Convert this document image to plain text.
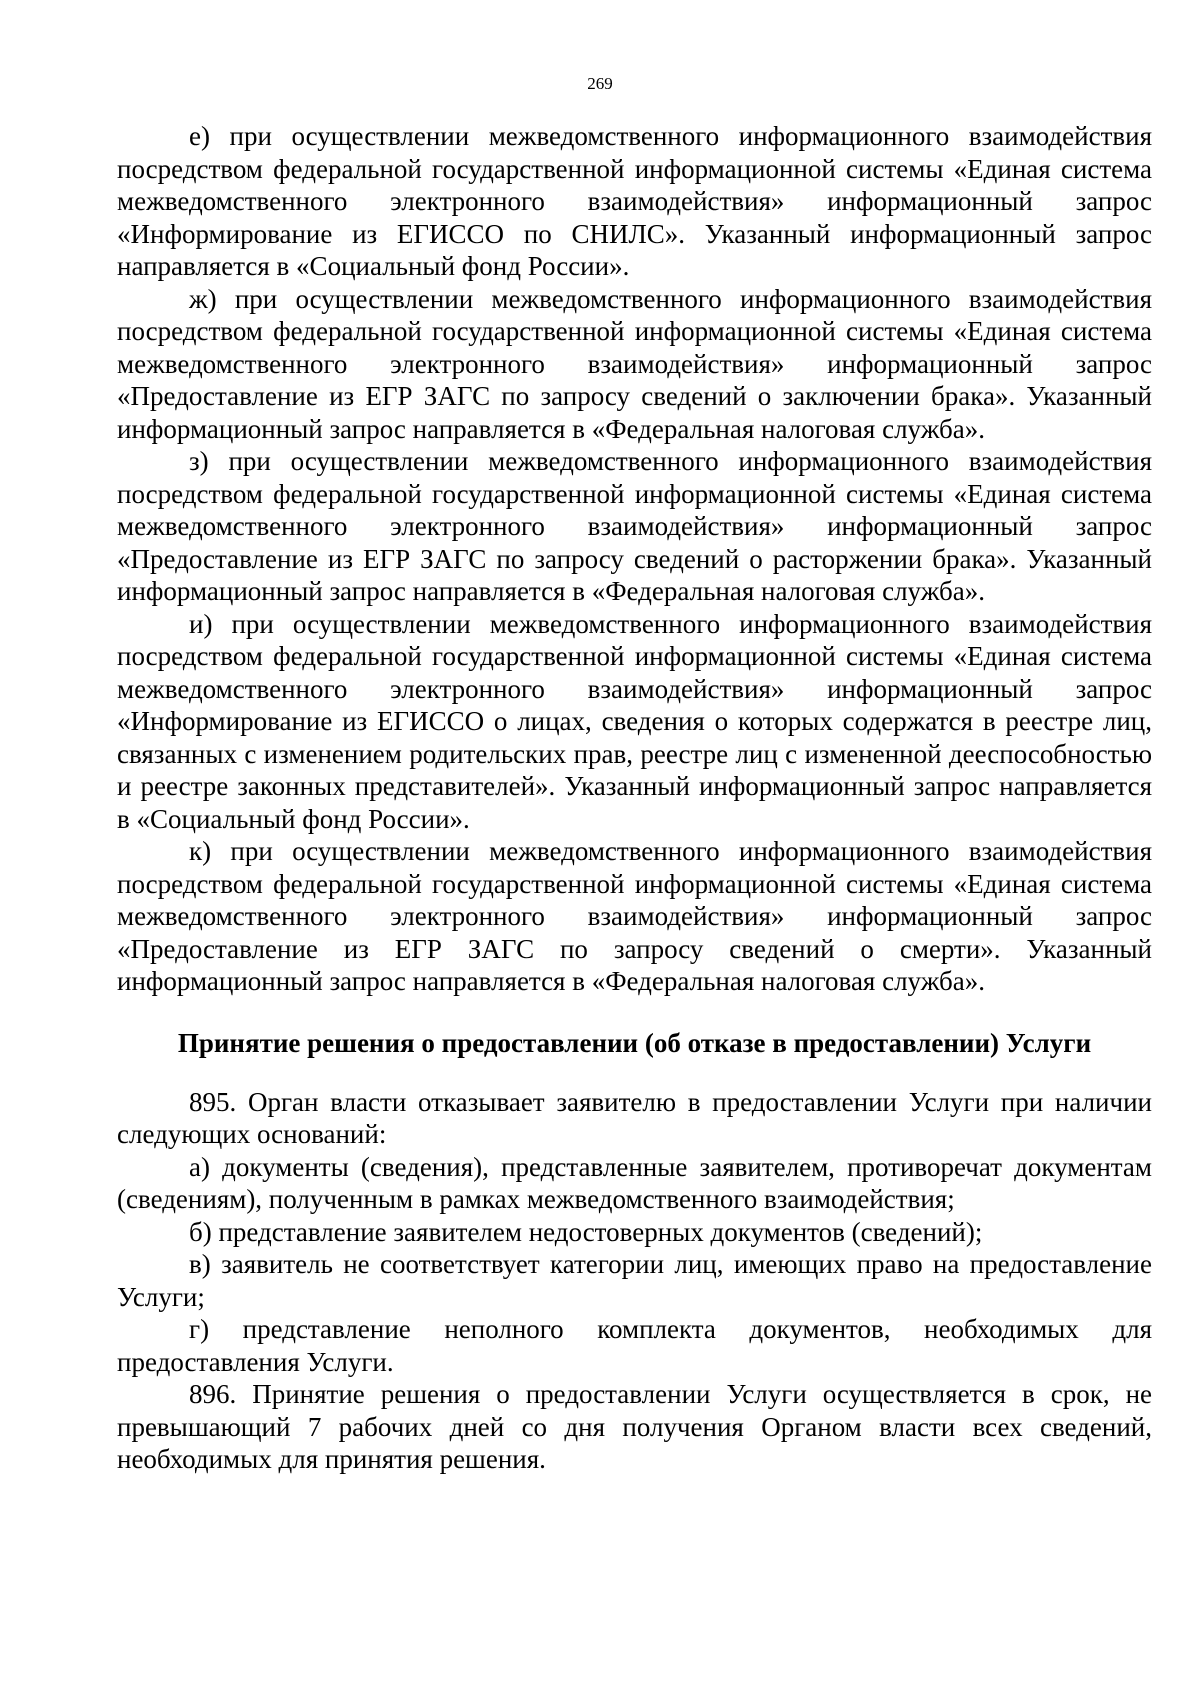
269

е) при осуществлении межведомственного информационного взаимодействия посредством федеральной государственной информационной системы «Единая система межведомственного электронного взаимодействия» информационный запрос «Информирование из ЕГИССО по СНИЛС». Указанный информационный запрос направляется в «Социальный фонд России».

ж) при осуществлении межведомственного информационного взаимодействия посредством федеральной государственной информационной системы «Единая система межведомственного электронного взаимодействия» информационный запрос «Предоставление из ЕГР ЗАГС по запросу сведений о заключении брака». Указанный информационный запрос направляется в «Федеральная налоговая служба».

з) при осуществлении межведомственного информационного взаимодействия посредством федеральной государственной информационной системы «Единая система межведомственного электронного взаимодействия» информационный запрос «Предоставление из ЕГР ЗАГС по запросу сведений о расторжении брака». Указанный информационный запрос направляется в «Федеральная налоговая служба».

и) при осуществлении межведомственного информационного взаимодействия посредством федеральной государственной информационной системы «Единая система межведомственного электронного взаимодействия» информационный запрос «Информирование из ЕГИССО о лицах, сведения о которых содержатся в реестре лиц, связанных с изменением родительских прав, реестре лиц с измененной дееспособностью и реестре законных представителей». Указанный информационный запрос направляется в «Социальный фонд России».

к) при осуществлении межведомственного информационного взаимодействия посредством федеральной государственной информационной системы «Единая система межведомственного электронного взаимодействия» информационный запрос «Предоставление из ЕГР ЗАГС по запросу сведений о смерти». Указанный информационный запрос направляется в «Федеральная налоговая служба».

Принятие решения о предоставлении (об отказе в предоставлении) Услуги

895. Орган власти отказывает заявителю в предоставлении Услуги при наличии следующих оснований:

а) документы (сведения), представленные заявителем, противоречат документам (сведениям), полученным в рамках межведомственного взаимодействия;

б) представление заявителем недостоверных документов (сведений);

в) заявитель не соответствует категории лиц, имеющих право на предоставление Услуги;

г) представление неполного комплекта документов, необходимых для предоставления Услуги.

896. Принятие решения о предоставлении Услуги осуществляется в срок, не превышающий 7 рабочих дней со дня получения Органом власти всех сведений, необходимых для принятия решения.
